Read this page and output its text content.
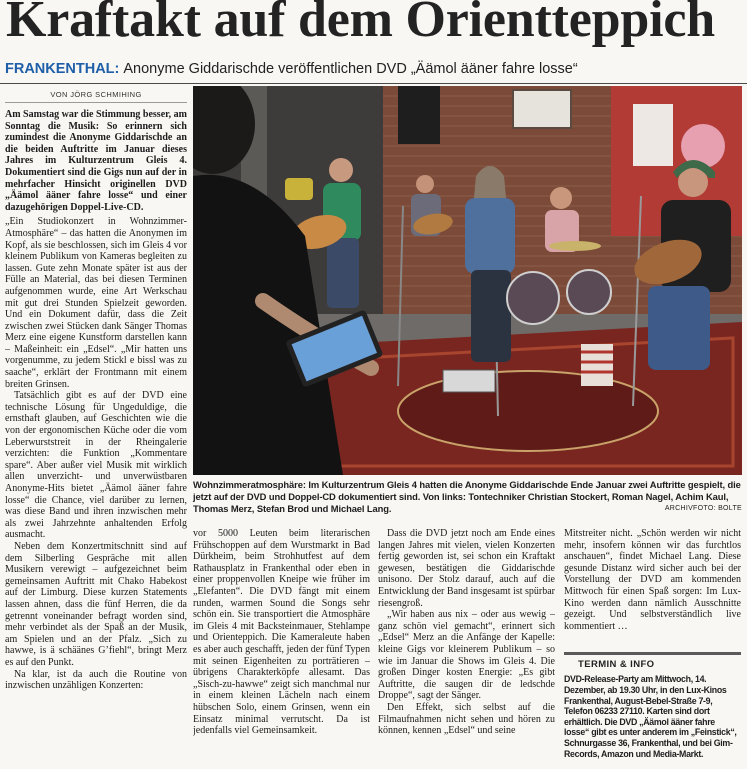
Kraftakt auf dem Orientteppich
FRANKENTHAL: Anonyme Giddarischde veröffentlichen DVD „Äämol ääner fahre losse“
VON JÖRG SCHMIHING

Am Samstag war die Stimmung besser, am Sonntag die Musik: So erinnern sich zumindest die Anonyme Giddarischde an die beiden Auftritte im Januar dieses Jahres im Kulturzentrum Gleis 4. Dokumentiert sind die Gigs nun auf der in mehrfacher Hinsicht originellen DVD „Äämol ääner fahre losse“ und einer dazugehörigen Doppel-Live-CD.

„Ein Studiokonzert in Wohnzimmer-Atmosphäre“ – das hatten die Anonymen im Kopf, als sie beschlossen, sich im Gleis 4 vor kleinem Publikum von Kameras begleiten zu lassen. Gute zehn Monate später ist aus der Fülle an Material, das bei diesen Terminen aufgenommen wurde, eine Art Werkschau mit gut drei Stunden Spielzeit geworden. Und ein Dokument dafür, dass die Zeit zwischen zwei Stücken dank Sänger Thomas Merz eine eigene Kunstform darstellen kann – Maßeinheit: ein „Edsel“. „Mir hatten uns vorgenumme, zu jedem Stickl e bissl was zu saache“, erklärt der Frontmann mit einem breiten Grinsen.

Tatsächlich gibt es auf der DVD eine technische Lösung für Ungeduldige, die ernsthaft glauben, auf Geschichten wie die von der ergonomischen Küche oder die vom Leberwurststreit in der Rheingalerie verzichten: die Funktion „Kommentare spare“. Aber außer viel Musik mit wirklich allen unverzicht- und unverwüstbaren Anonyme-Hits bietet „Äämol ääner fahre losse“ die Chance, viel darüber zu lernen, was diese Band und ihren inzwischen mehr als zwei Jahrzehnte anhaltenden Erfolg ausmacht.

Neben dem Konzertmitschnitt sind auf dem Silberling Gespräche mit allen Musikern verewigt – aufgezeichnet beim gemeinsamen Auftritt mit Chako Habekost auf der Limburg. Diese kurzen Statements lassen ahnen, dass die fünf Herren, die da getrennt voneinander befragt worden sind, mehr verbindet als der Spaß an der Musik, am Spielen und an der Pfalz. „Sich zu hawwe, is ä schäänes G’fiehl“, bringt Merz es auf den Punkt.

Na klar, ist da auch die Routine von inzwischen unzähligen Konzerten:

Wohnzimmeratmosphäre: Im Kulturzentrum Gleis 4 hatten die Anonyme Giddarischde Ende Januar zwei Auftritte gespielt, die jetzt auf der DVD und Doppel-CD dokumentiert sind. Von links: Tontechniker Christian Stockert, Roman Nagel, Achim Kaul, Thomas Merz, Stefan Brod und Michael Lang.	ARCHIVFOTO: BOLTE

vor 5000 Leuten beim literarischen Frühschoppen auf dem Wurstmarkt in Bad Dürkheim, beim Strohhutfest auf dem Rathausplatz in Frankenthal oder eben in einer proppenvollen Kneipe wie früher im „Elefanten“. Die DVD fängt mit einem runden, warmen Sound die Songs sehr schön ein. Sie transportiert die Atmosphäre im Gleis 4 mit Backsteinmauer, Stehlampe und Orienteppich. Die Kameraleute haben es aber auch geschafft, jeden der fünf Typen mit seinen Eigenheiten zu porträtieren – übrigens Charakterköpfe allesamt. Das „Sisch-zu-hawwe“ zeigt sich manchmal nur in einem kleinen Lächeln nach einem hübschen Solo, einem Grinsen, wenn ein Einsatz minimal verrutscht. Da ist jedenfalls viel Gemeinsamkeit.

Dass die DVD jetzt noch am Ende eines langen Jahres mit vielen, vielen Konzerten fertig geworden ist, sei schon ein Kraftakt gewesen, bestätigen die Giddarischde unisono. Der Stolz darauf, auch auf die Entwicklung der Band insgesamt ist spürbar riesengroß.

„Wir haben aus nix – oder aus wewig – ganz schön viel gemacht“, erinnert sich „Edsel“ Merz an die Anfänge der Kapelle: kleine Gigs vor kleinerem Publikum – so wie im Januar die Shows im Gleis 4. Die großen Dinger kosten Energie: „Es gibt Auftritte, die saugen dir de ledschde Droppe“, sagt der Sänger.

Den Effekt, sich selbst auf die Filmaufnahmen nicht sehen und hören zu können, kennen „Edsel“ und seine

Mitstreiter nicht. „Schön werden wir nicht mehr, insofern können wir das furchtlos anschauen“, findet Michael Lang. Diese gesunde Distanz wird sicher auch bei der Vorstellung der DVD am kommenden Mittwoch für einen Spaß sorgen: Im Lux-Kino werden dann nämlich Ausschnitte gezeigt. Und selbstverständlich live kommentiert …

TERMIN & INFO
DVD-Release-Party am Mittwoch, 14. Dezember, ab 19.30 Uhr, in den Lux-Kinos Frankenthal, August-Bebel-Straße 7-9, Telefon 06233 27110. Karten sind dort erhältlich. Die DVD „Äämol ääner fahre losse“ gibt es unter anderem im „Feinstick“, Schnurgasse 36, Frankenthal, und bei Gim-Records, Amazon und Media-Markt.
